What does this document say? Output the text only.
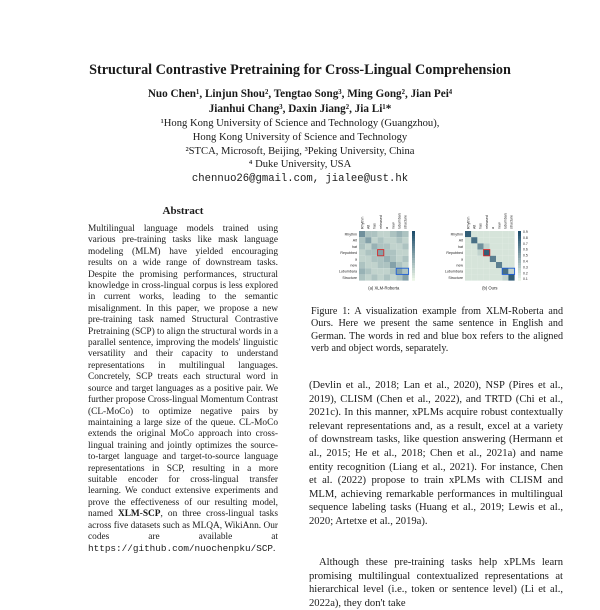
Structural Contrastive Pretraining for Cross-Lingual Comprehension
Nuo Chen¹, Linjun Shou², Tengtao Song³, Ming Gong², Jian Pei⁴
Jianhui Chang³, Daxin Jiang², Jia Li¹*
¹Hong Kong University of Science and Technology (Guangzhou),
Hong Kong University of Science and Technology
²STCA, Microsoft, Beijing, ³Peking University, China
⁴ Duke University, USA
chennuo26@gmail.com, jialee@ust.hk
Abstract

Multilingual language models trained using various pre-training tasks like mask language modeling (MLM) have yielded encouraging results on a wide range of downstream tasks. Despite the promising performances, structural knowledge in cross-lingual corpus is less explored in current works, leading to the semantic misalignment. In this paper, we propose a new pre-training task named Structural Contrastive Pretraining (SCP) to align the structural words in a parallel sentence, improving the models' linguistic versatility and their capacity to understand representations in multilingual languages. Concretely, SCP treats each structural word in source and target languages as a positive pair. We further propose Cross-lingual Momentum Contrast (CL-MoCo) to optimize negative pairs by maintaining a large size of the queue. CL-MoCo extends the original MoCo approach into cross-lingual training and jointly optimizes the source-to-target language and target-to-source language representations in SCP, resulting in a more suitable encoder for cross-lingual transfer learning. We conduct extensive experiments and prove the effectiveness of our resulting model, named XLM-SCP, on three cross-lingual tasks across five datasets such as MLQA, WikiAnn. Our codes are available at https://github.com/nuochenpku/SCP.

Rhythm Alt has released a new lubumbara structure
Rhythm
Alt
hat
Repubbed
a
new
Lubumbara
Structure
(a) XLM-Roberta
Rhythm Alt has released a new lubumbara structure
Rhythm
Alt
hat
Repubbed
a
new
Lubumbara
Structure
(b) Ours
0.9
0.8
0.7
0.6
0.5
0.4
0.3
0.2
0.1

Figure 1: A visualization example from XLM-Roberta and Ours. Here we present the same sentence in English and German. The words in red and blue box refers to the aligned verb and object words, separately.

(Devlin et al., 2018; Lan et al., 2020), NSP (Pires et al., 2019), CLISM (Chen et al., 2022), and TRTD (Chi et al., 2021c). In this manner, xPLMs acquire robust contextually relevant representations and, as a result, excel at a variety of downstream tasks, like question answering (Hermann et al., 2015; He et al., 2018; Chen et al., 2021a) and name entity recognition (Liang et al., 2021). For instance, Chen et al. (2022) propose to train xPLMs with CLISM and MLM, achieving remarkable performances in multilingual sequence labeling tasks (Huang et al., 2019; Lewis et al., 2020; Artetxe et al., 2019a).

Although these pre-training tasks help xPLMs learn promising multilingual contextualized representations at hierarchical level (i.e., token or sentence level) (Li et al., 2022a), they don't take
